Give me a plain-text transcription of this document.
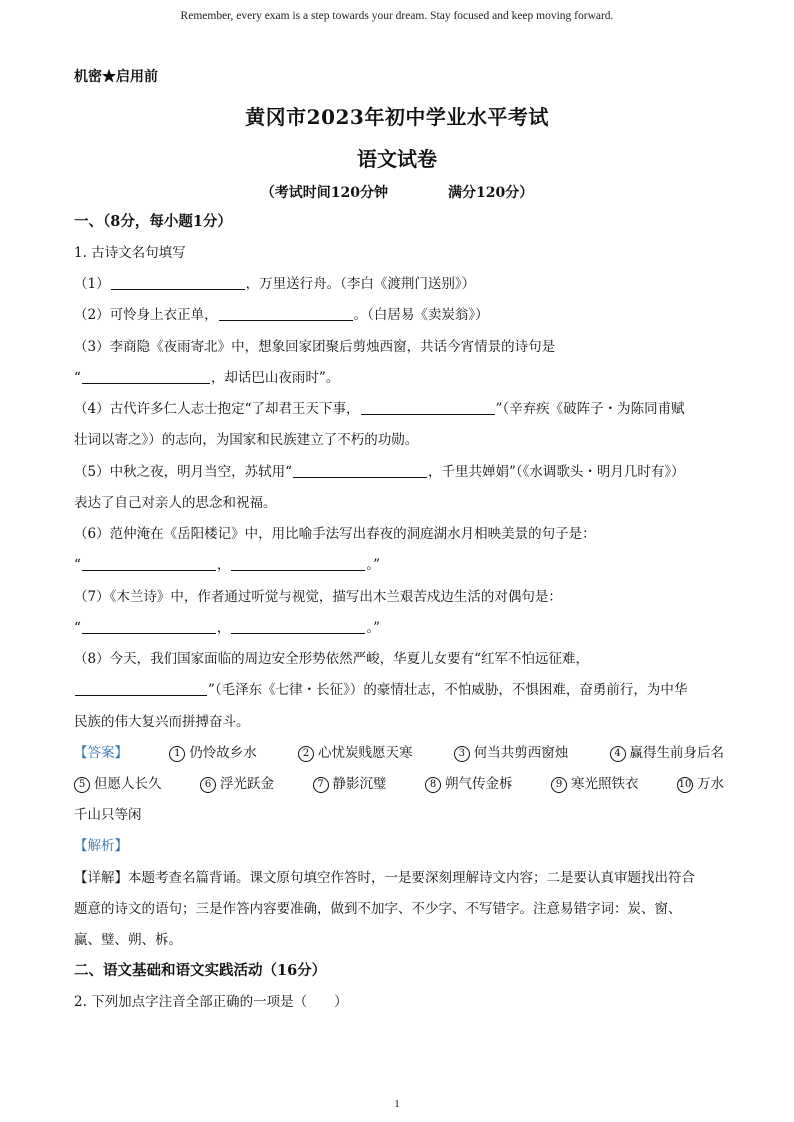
Remember, every exam is a step towards your dream. Stay focused and keep moving forward.
机密★启用前
黄冈市2023年初中学业水平考试
语文试卷
（考试时间120分钟	满分120分）
一、（8分，每小题1分）
1. 古诗文名句填写
（1）	，万里送行舟。（李白《渡荆门送别》）
（2）可怜身上衣正单，	。（白居易《卖炭翁》）
（3）李商隐《夜雨寄北》中，想象回家团聚后剪烛西窗，共话今宵情景的诗句是
“	，却话巴山夜雨时”。
（4）古代许多仁人志士抱定“了却君王天下事，	”（辛弃疾《破阵子・为陈同甫赋
壮词以寄之》）的志向，为国家和民族建立了不朽的功勋。
（5）中秋之夜，明月当空，苏轼用“	，千里共婵娟”（《水调歌头・明月几时有》）
表达了自己对亲人的思念和祝福。
（6）范仲淹在《岳阳楼记》中，用比喻手法写出春夜的洞庭湖水月相映美景的句子是：
“	，	。”
（7）《木兰诗》中，作者通过听觉与视觉，描写出木兰艰苦戍边生活的对偶句是：
“	，	。”
（8）今天，我们国家面临的周边安全形势依然严峻，华夏儿女要有“红军不怕远征难，
”（毛泽东《七律・长征》）的豪情壮志，不怕威胁，不惧困难，奋勇前行，为中华
民族的伟大复兴而拼搏奋斗。
【答案】	1 仍怜故乡水	2 心忧炭贱愿天寒	3 何当共剪西窗烛	4 赢得生前身后名
5 但愿人长久	6 浮光跃金	7 静影沉璧	8 朔气传金柝	9 寒光照铁衣	10 万水
千山只等闲
【解析】
【详解】本题考查名篇背诵。课文原句填空作答时，一是要深刻理解诗文内容；二是要认真审题找出符合
题意的诗文的语句；三是作答内容要准确，做到不加字、不少字、不写错字。注意易错字词：炭、窗、
赢、璧、朔、柝。
二、语文基础和语文实践活动（16分）
2. 下列加点字注音全部正确的一项是（　　）
1
